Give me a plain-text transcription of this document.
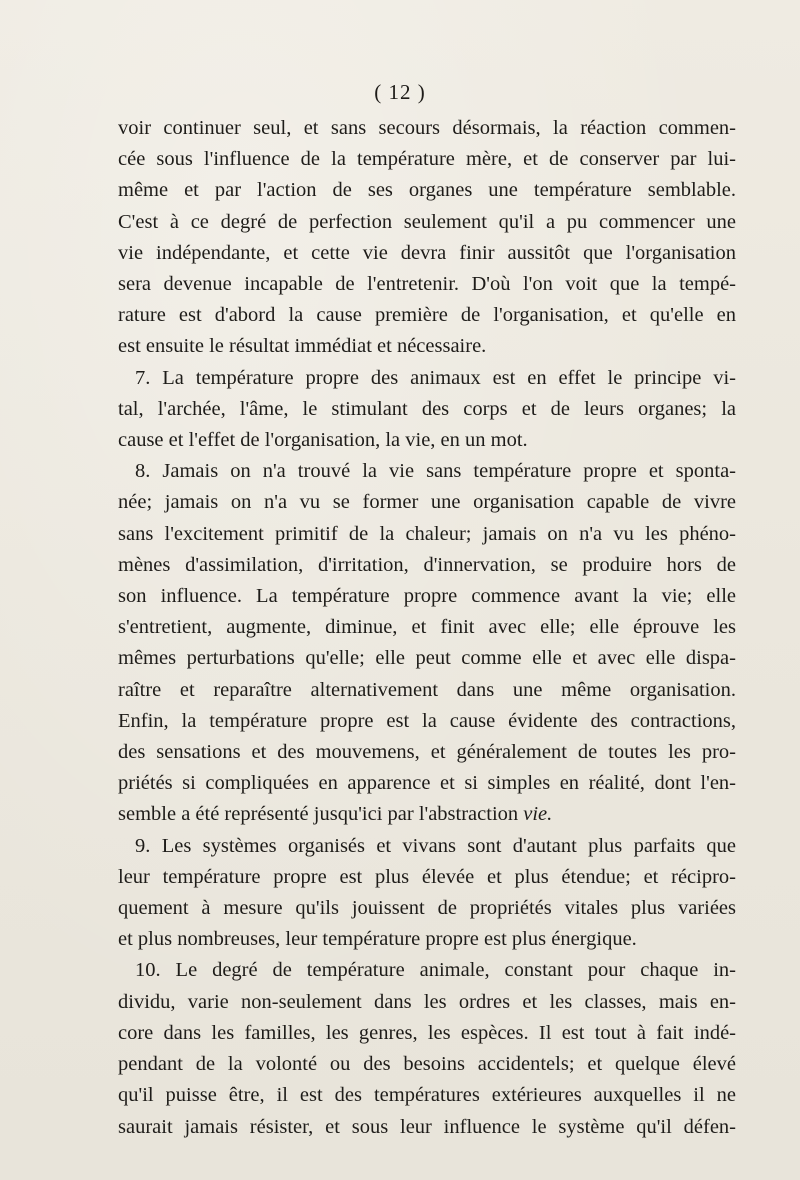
( 12 )

voir continuer seul, et sans secours désormais, la réaction commen-
cée sous l'influence de la température mère, et de conserver par lui-
même et par l'action de ses organes une température semblable.
C'est à ce degré de perfection seulement qu'il a pu commencer une
vie indépendante, et cette vie devra finir aussitôt que l'organisation
sera devenue incapable de l'entretenir. D'où l'on voit que la tempé-
rature est d'abord la cause première de l'organisation, et qu'elle en
est ensuite le résultat immédiat et nécessaire.

7. La température propre des animaux est en effet le principe vi-
tal, l'archée, l'âme, le stimulant des corps et de leurs organes; la
cause et l'effet de l'organisation, la vie, en un mot.

8. Jamais on n'a trouvé la vie sans température propre et sponta-
née; jamais on n'a vu se former une organisation capable de vivre
sans l'excitement primitif de la chaleur; jamais on n'a vu les phéno-
mènes d'assimilation, d'irritation, d'innervation, se produire hors de
son influence. La température propre commence avant la vie; elle
s'entretient, augmente, diminue, et finit avec elle; elle éprouve les
mêmes perturbations qu'elle; elle peut comme elle et avec elle dispa-
raître et reparaître alternativement dans une même organisation.
Enfin, la température propre est la cause évidente des contractions,
des sensations et des mouvemens, et généralement de toutes les pro-
priétés si compliquées en apparence et si simples en réalité, dont l'en-
semble a été représenté jusqu'ici par l'abstraction vie.

9. Les systèmes organisés et vivans sont d'autant plus parfaits que
leur température propre est plus élevée et plus étendue; et récipro-
quement à mesure qu'ils jouissent de propriétés vitales plus variées
et plus nombreuses, leur température propre est plus énergique.

10. Le degré de température animale, constant pour chaque in-
dividu, varie non-seulement dans les ordres et les classes, mais en-
core dans les familles, les genres, les espèces. Il est tout à fait indé-
pendant de la volonté ou des besoins accidentels; et quelque élevé
qu'il puisse être, il est des températures extérieures auxquelles il ne
saurait jamais résister, et sous leur influence le système qu'il défen-
